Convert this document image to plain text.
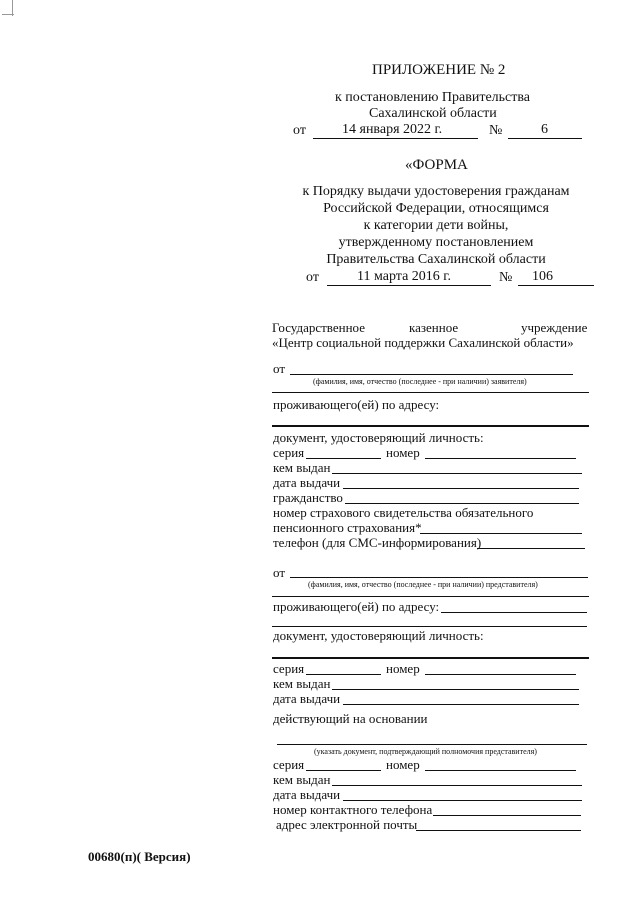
ПРИЛОЖЕНИЕ № 2
к постановлению Правительства
Сахалинской области
от	14 января 2022 г.	№	6
«ФОРМА
к Порядку выдачи удостоверения гражданам
Российской Федерации, относящимся
к категории дети войны,
утвержденному постановлением
Правительства Сахалинской области
от	11 марта 2016 г.	№ 106
Государственное	казенное	учреждение
«Центр социальной поддержки Сахалинской области»
от
(фамилия, имя, отчество (последнее - при наличии) заявителя)
проживающего(ей) по адресу:
документ, удостоверяющий личность:
серия	номер
кем выдан
дата выдачи
гражданство
номер страхового свидетельства обязательного
пенсионного страхования*
телефон (для СМС-информирования)
от
(фамилия, имя, отчество (последнее - при наличии) представителя)
проживающего(ей) по адресу:
документ, удостоверяющий личность:
серия	номер
кем выдан
дата выдачи
действующий на основании
(указать документ, подтверждающий полномочия представителя)
серия	номер
кем выдан
дата выдачи
номер контактного телефона
адрес электронной почты
00680(п)( Версия)
